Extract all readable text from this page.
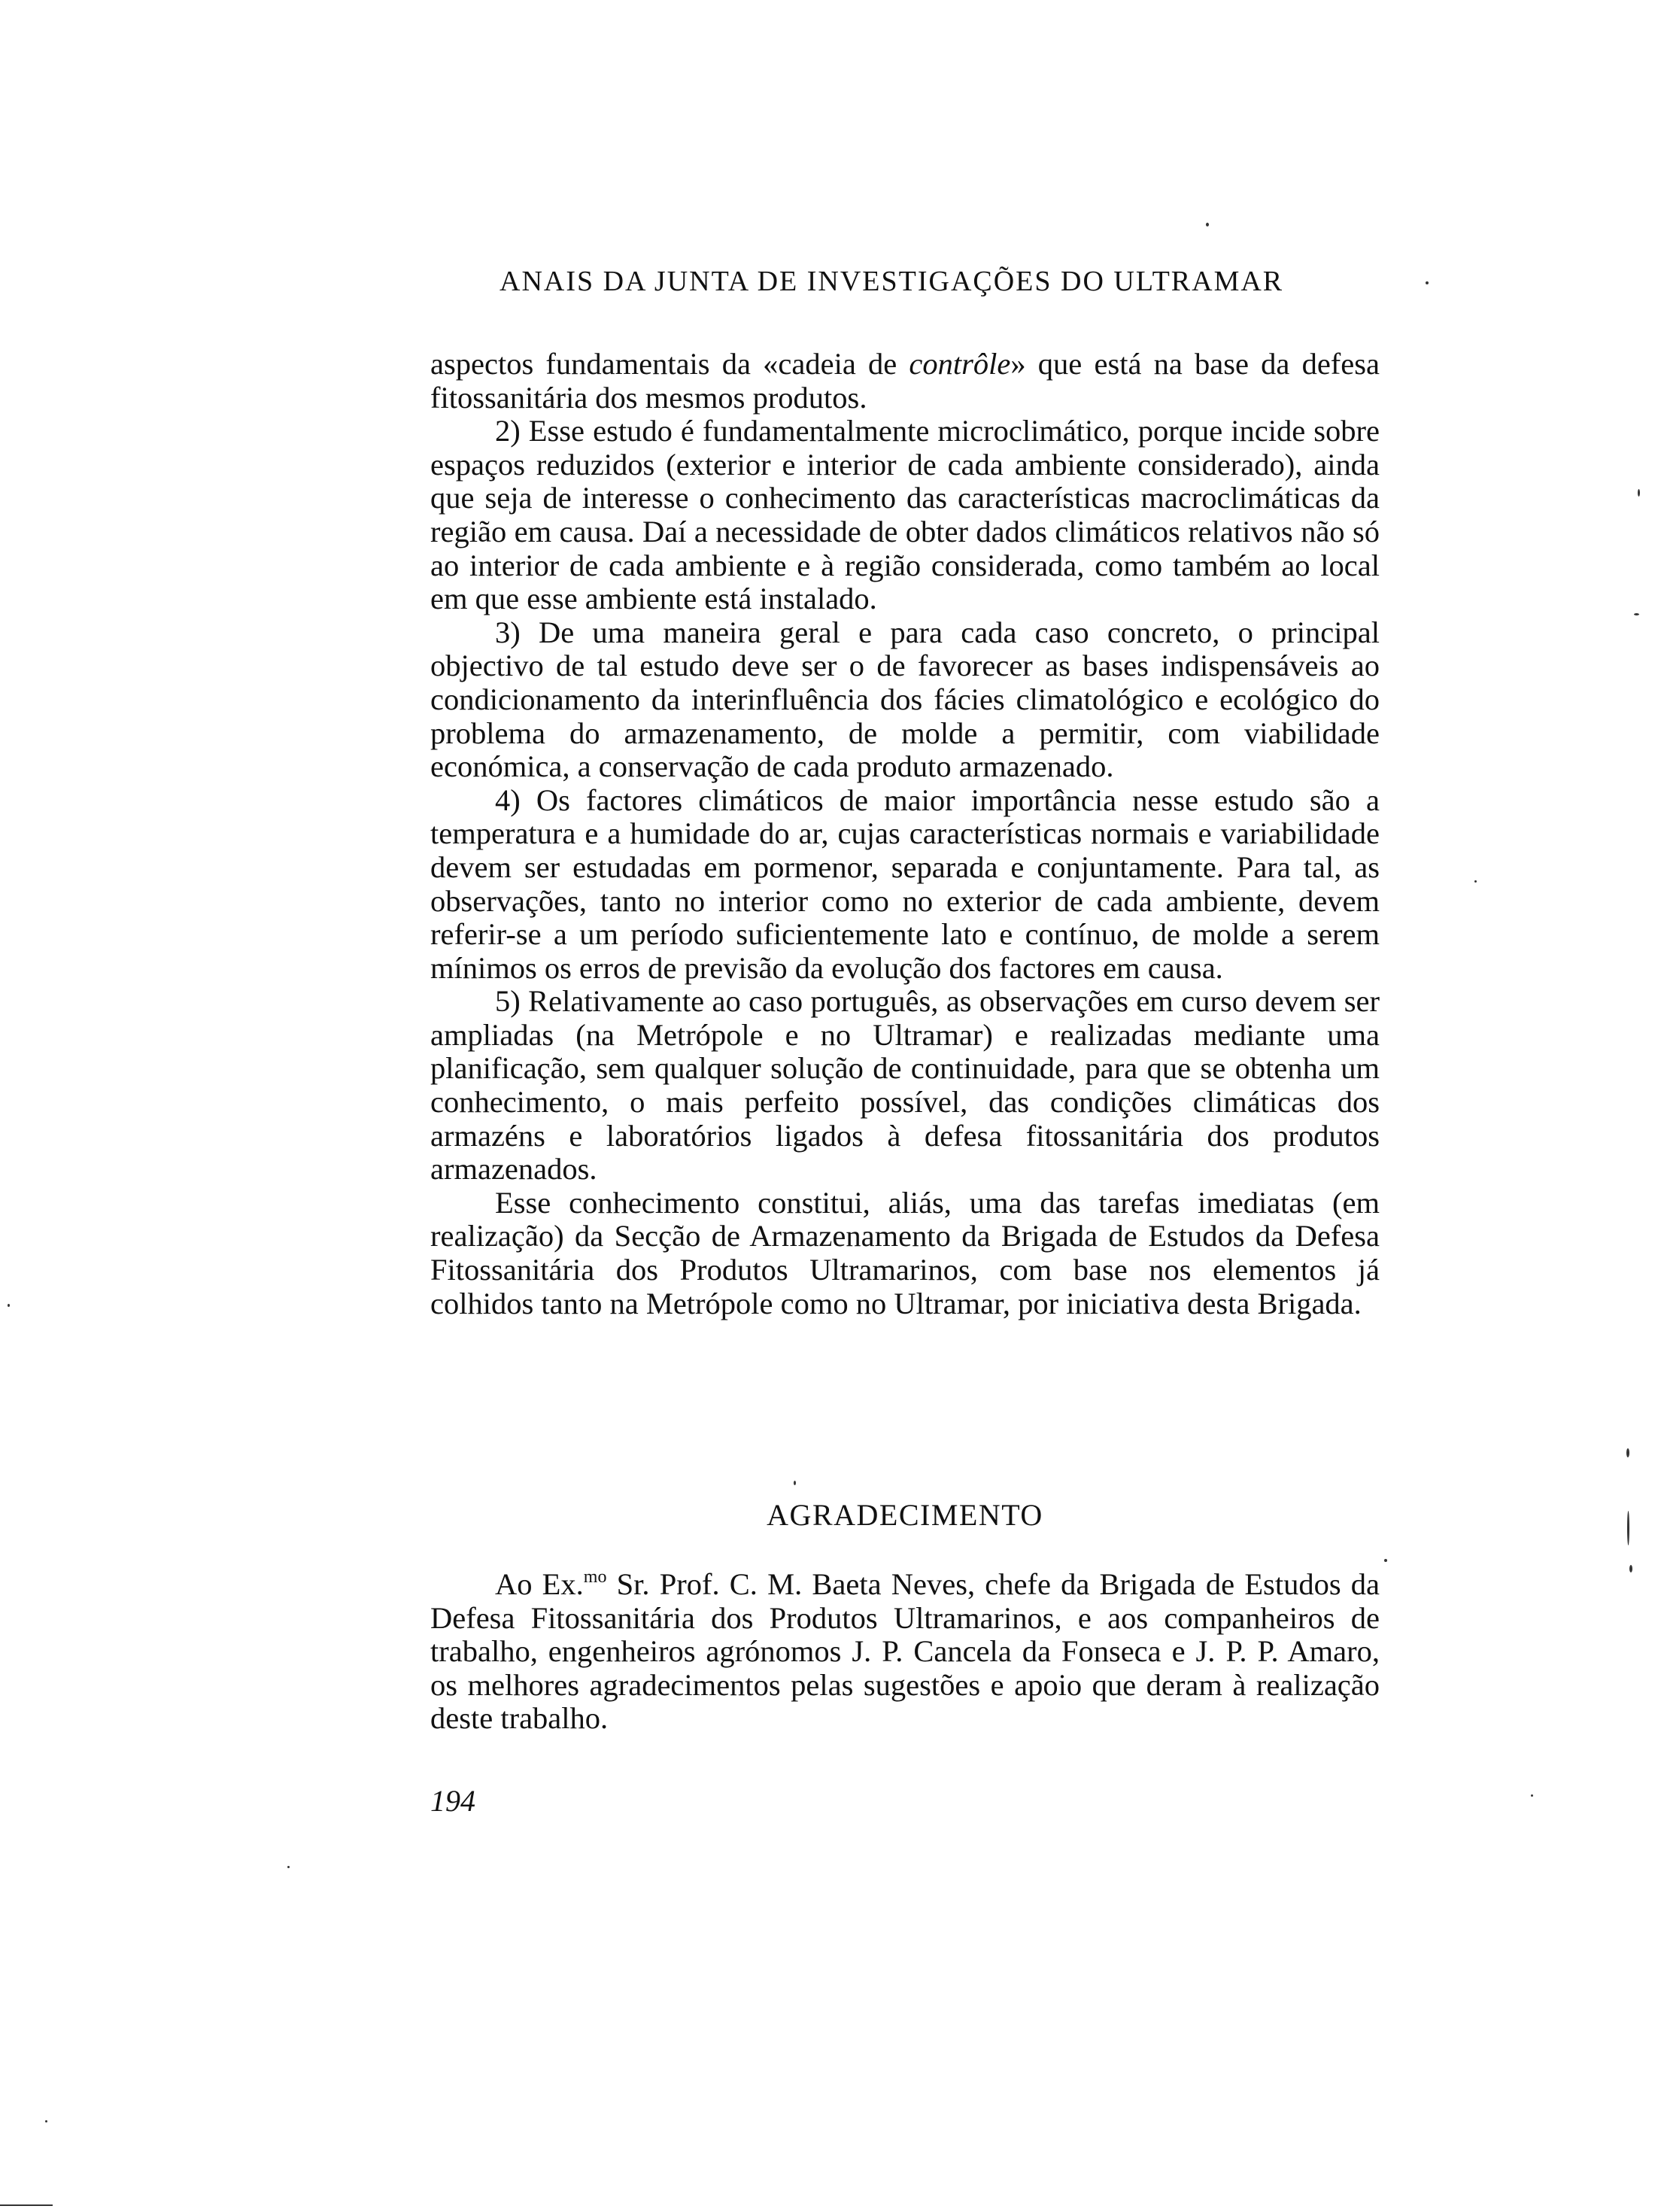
ANAIS DA JUNTA DE INVESTIGAÇÕES DO ULTRAMAR

aspectos fundamentais da «cadeia de contrôle» que está na base da defesa fitossanitária dos mesmos produtos.

2) Esse estudo é fundamentalmente microclimático, porque incide sobre espaços reduzidos (exterior e interior de cada ambiente considerado), ainda que seja de interesse o conhecimento das características macroclimáticas da região em causa. Daí a necessidade de obter dados climáticos relativos não só ao interior de cada ambiente e à região considerada, como também ao local em que esse ambiente está instalado.

3) De uma maneira geral e para cada caso concreto, o principal objectivo de tal estudo deve ser o de favorecer as bases indispensáveis ao condicionamento da interinfluência dos fácies climatológico e ecológico do problema do armazenamento, de molde a permitir, com viabilidade económica, a conservação de cada produto armazenado.

4) Os factores climáticos de maior importância nesse estudo são a temperatura e a humidade do ar, cujas características normais e variabilidade devem ser estudadas em pormenor, separada e conjuntamente. Para tal, as observações, tanto no interior como no exterior de cada ambiente, devem referir-se a um período suficientemente lato e contínuo, de molde a serem mínimos os erros de previsão da evolução dos factores em causa.

5) Relativamente ao caso português, as observações em curso devem ser ampliadas (na Metrópole e no Ultramar) e realizadas mediante uma planificação, sem qualquer solução de continuidade, para que se obtenha um conhecimento, o mais perfeito possível, das condições climáticas dos armazéns e laboratórios ligados à defesa fitossanitária dos produtos armazenados.

Esse conhecimento constitui, aliás, uma das tarefas imediatas (em realização) da Secção de Armazenamento da Brigada de Estudos da Defesa Fitossanitária dos Produtos Ultramarinos, com base nos elementos já colhidos tanto na Metrópole como no Ultramar, por iniciativa desta Brigada.

AGRADECIMENTO

Ao Ex.$^{mo}$ Sr. Prof. C. M. Baeta Neves, chefe da Brigada de Estudos da Defesa Fitossanitária dos Produtos Ultramarinos, e aos companheiros de trabalho, engenheiros agrónomos J. P. Cancela da Fonseca e J. P. P. Amaro, os melhores agradecimentos pelas sugestões e apoio que deram à realização deste trabalho.

194
